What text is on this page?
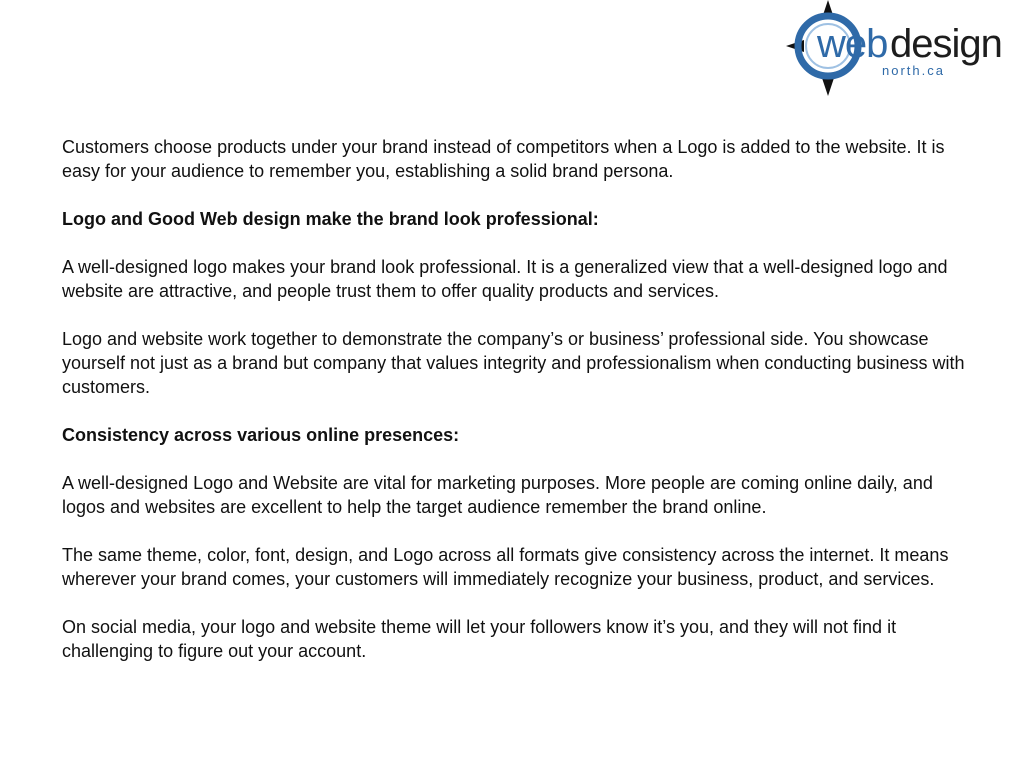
web design
north.ca

Customers choose products under your brand instead of competitors when a Logo is added to the website. It is easy for your audience to remember you, establishing a solid brand persona.

Logo and Good Web design make the brand look professional:

A well-designed logo makes your brand look professional. It is a generalized view that a well-designed logo and website are attractive, and people trust them to offer quality products and services.

Logo and website work together to demonstrate the company’s or business’ professional side. You showcase yourself not just as a brand but company that values integrity and professionalism when conducting business with customers.

Consistency across various online presences:

A well-designed Logo and Website are vital for marketing purposes. More people are coming online daily, and logos and websites are excellent to help the target audience remember the brand online.

The same theme, color, font, design, and Logo across all formats give consistency across the internet. It means wherever your brand comes, your customers will immediately recognize your business, product, and services.

On social media, your logo and website theme will let your followers know it’s you, and they will not find it challenging to figure out your account.
